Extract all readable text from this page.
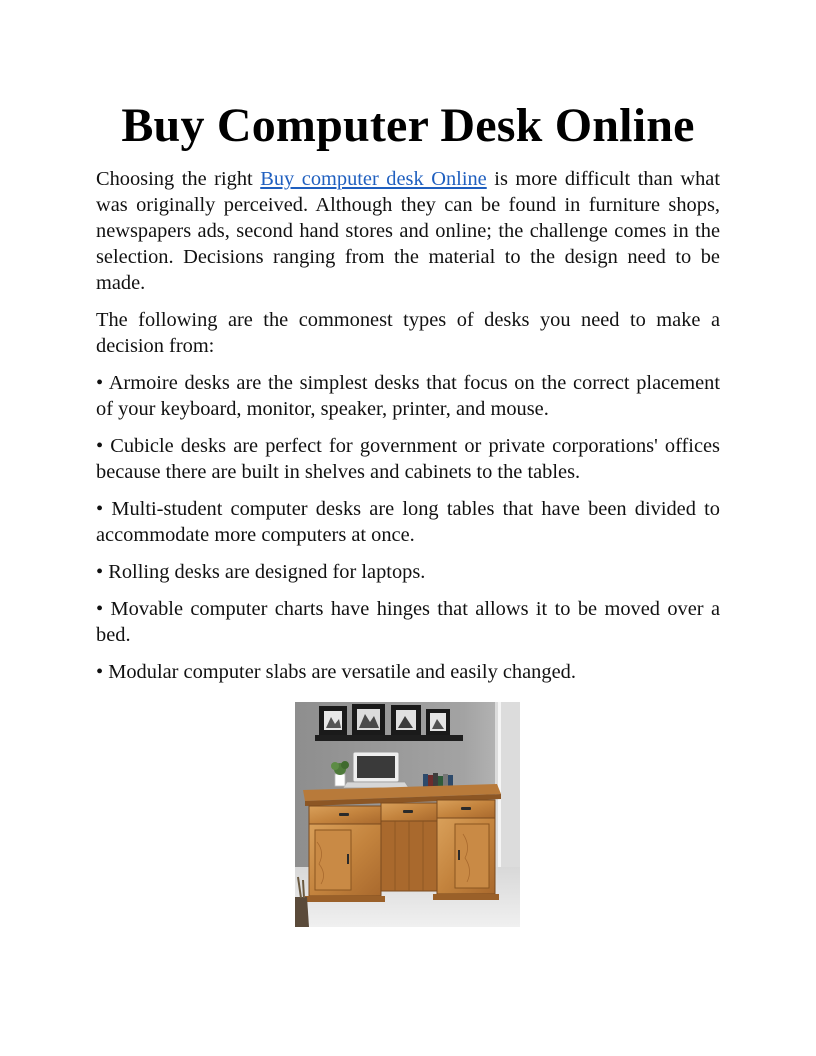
Buy Computer Desk Online

Choosing the right Buy computer desk Online is more difficult than what was originally perceived. Although they can be found in furniture shops, newspapers ads, second hand stores and online; the challenge comes in the selection. Decisions ranging from the material to the design need to be made.

The following are the commonest types of desks you need to make a decision from:

• Armoire desks are the simplest desks that focus on the correct placement of your keyboard, monitor, speaker, printer, and mouse.

• Cubicle desks are perfect for government or private corporations' offices because there are built in shelves and cabinets to the tables.

• Multi-student computer desks are long tables that have been divided to accommodate more computers at once.

• Rolling desks are designed for laptops.

• Movable computer charts have hinges that allows it to be moved over a bed.

• Modular computer slabs are versatile and easily changed.
